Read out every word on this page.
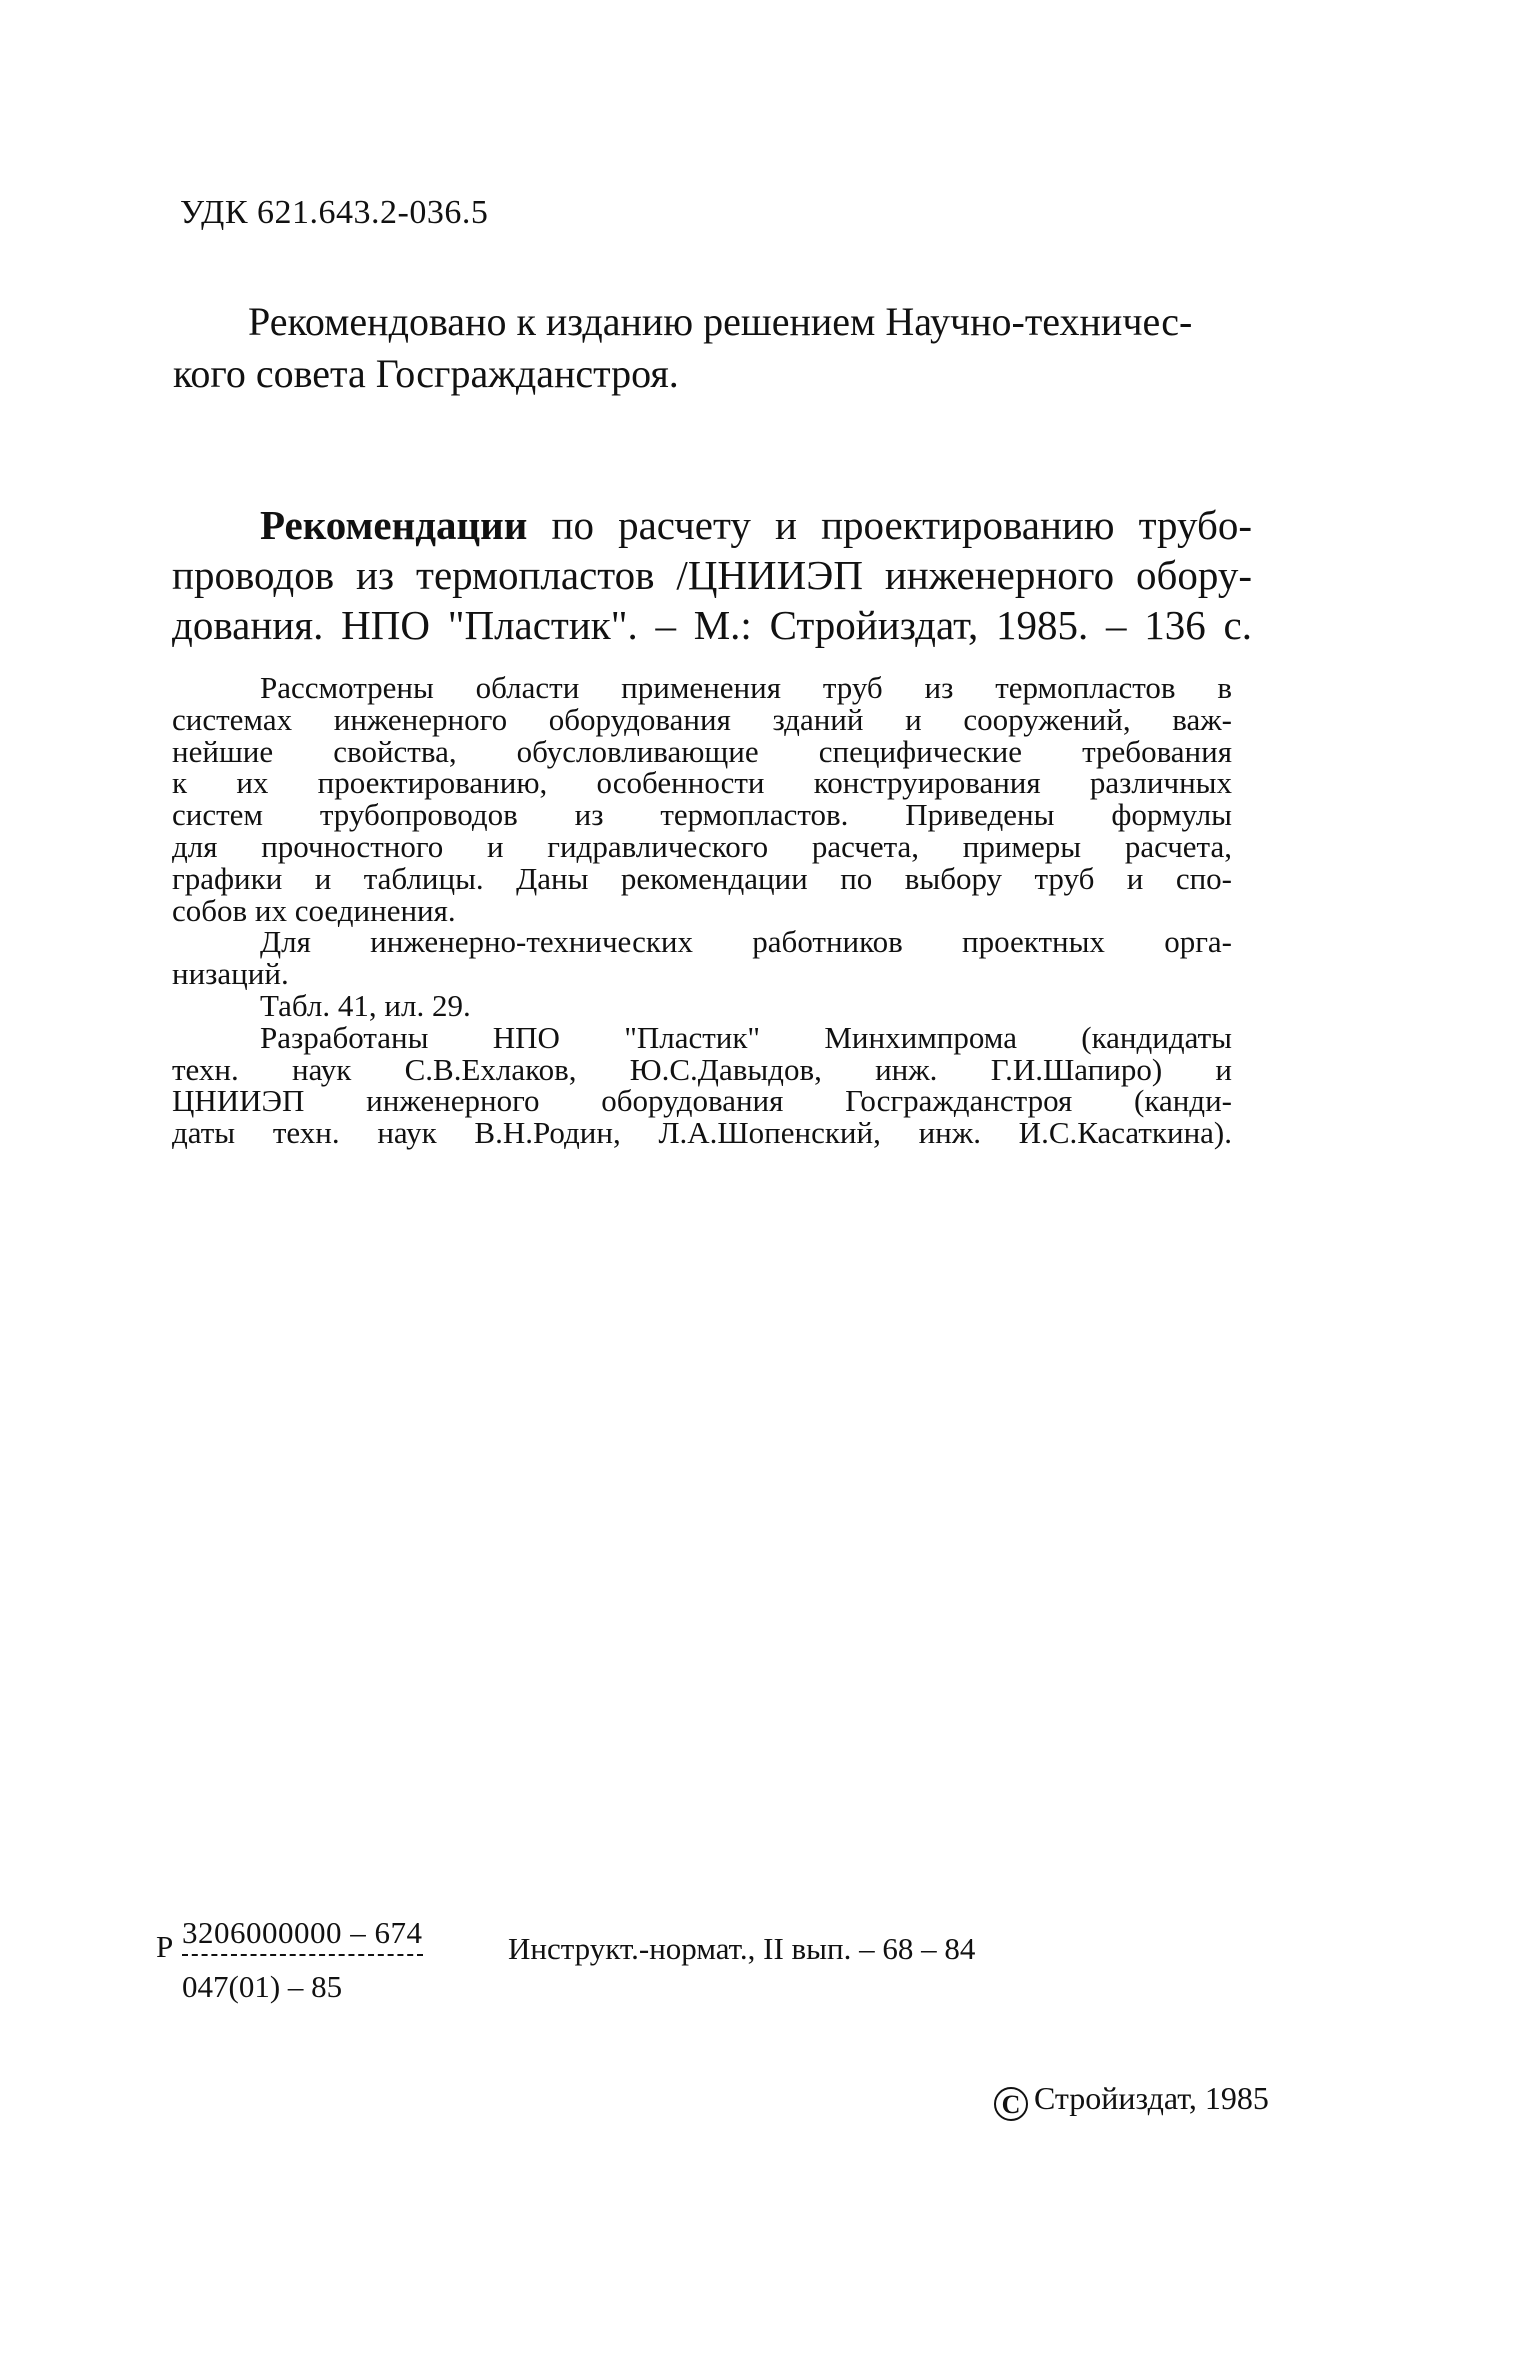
УДК 621.643.2-036.5
Рекомендовано к изданию решением Научно-техничес-
кого совета Госгражданстроя.
Рекомендации по расчету и проектированию трубо-
проводов из термопластов /ЦНИИЭП инженерного обору-
дования. НПО "Пластик". – М.: Стройиздат, 1985. – 136 с.
Рассмотрены области применения труб из термопластов в
системах инженерного оборудования зданий и сооружений, важ-
нейшие свойства, обусловливающие специфические требования
к их проектированию, особенности конструирования различных
систем трубопроводов из термопластов. Приведены формулы
для прочностного и гидравлического расчета, примеры расчета,
графики и таблицы. Даны рекомендации по выбору труб и спо-
собов их соединения.
Для инженерно-технических работников проектных орга-
низаций.
Табл. 41, ил. 29.
Разработаны НПО "Пластик" Минхимпрома (кандидаты
техн. наук С.В.Ехлаков, Ю.С.Давыдов, инж. Г.И.Шапиро) и
ЦНИИЭП инженерного оборудования Госгражданстроя (канди-
даты техн. наук В.Н.Родин, Л.А.Шопенский, инж. И.С.Касаткина).
Р 3206000000 – 674	Инструкт.-нормат., II вып. – 68 – 84
047(01) – 85
C Стройиздат, 1985
